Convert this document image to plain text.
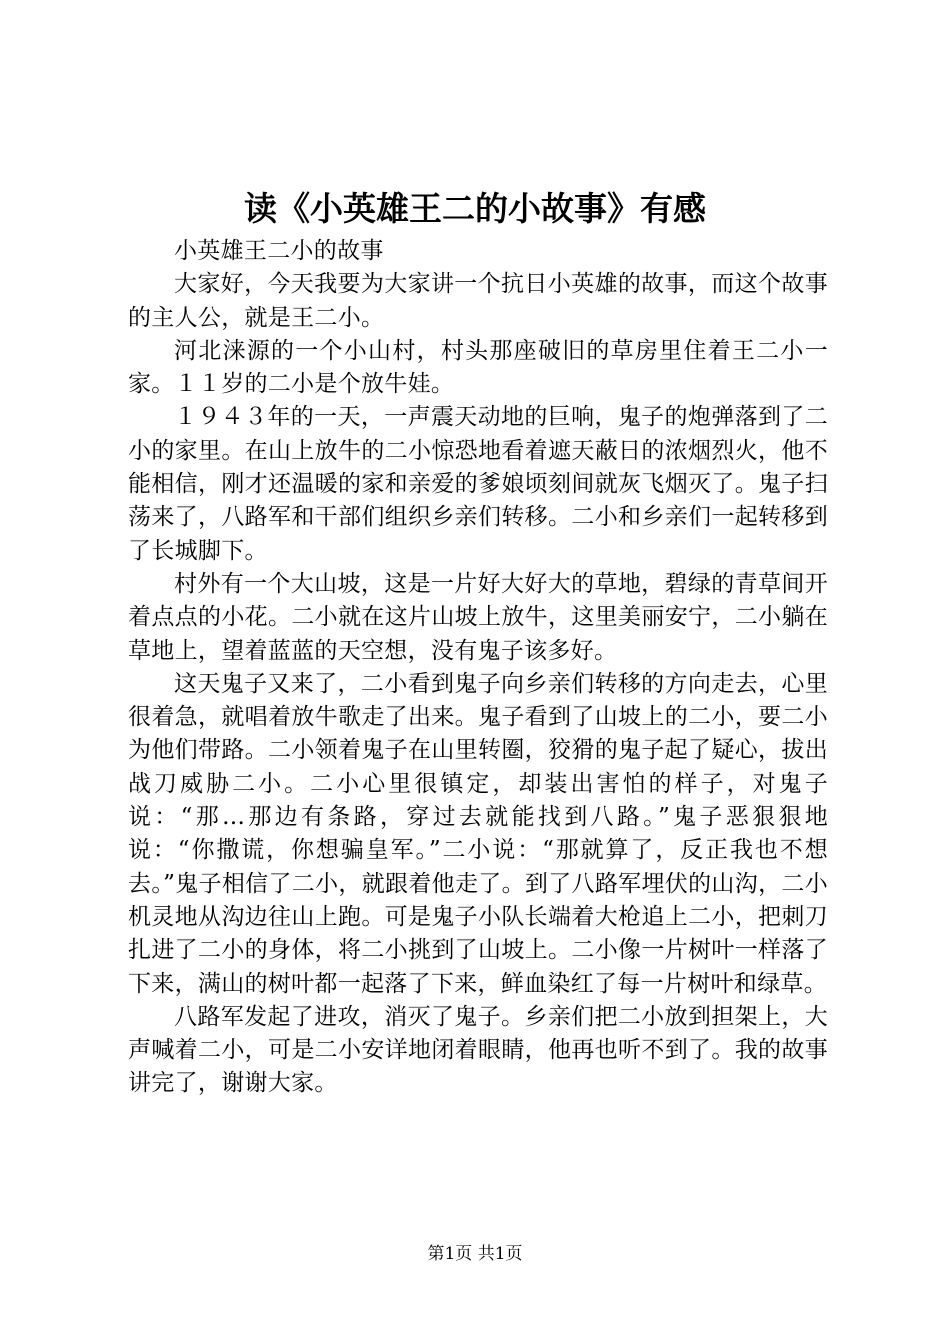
读《小英雄王二的小故事》有感

小英雄王二小的故事

大家好，今天我要为大家讲一个抗日小英雄的故事，而这个故事的主人公，就是王二小。

河北涞源的一个小山村，村头那座破旧的草房里住着王二小一家。１１岁的二小是个放牛娃。

１９４３年的一天，一声震天动地的巨响，鬼子的炮弹落到了二小的家里。在山上放牛的二小惊恐地看着遮天蔽日的浓烟烈火，他不能相信，刚才还温暖的家和亲爱的爹娘顷刻间就灰飞烟灭了。鬼子扫荡来了，八路军和干部们组织乡亲们转移。二小和乡亲们一起转移到了长城脚下。

村外有一个大山坡，这是一片好大好大的草地，碧绿的青草间开着点点的小花。二小就在这片山坡上放牛，这里美丽安宁，二小躺在草地上，望着蓝蓝的天空想，没有鬼子该多好。

这天鬼子又来了，二小看到鬼子向乡亲们转移的方向走去，心里很着急，就唱着放牛歌走了出来。鬼子看到了山坡上的二小，要二小为他们带路。二小领着鬼子在山里转圈，狡猾的鬼子起了疑心，拔出战刀威胁二小。二小心里很镇定，却装出害怕的样子，对鬼子说：“那…那边有条路，穿过去就能找到八路。”鬼子恶狠狠地说：“你撒谎，你想骗皇军。”二小说：“那就算了，反正我也不想去。”鬼子相信了二小，就跟着他走了。到了八路军埋伏的山沟，二小机灵地从沟边往山上跑。可是鬼子小队长端着大枪追上二小，把刺刀扎进了二小的身体，将二小挑到了山坡上。二小像一片树叶一样落了下来，满山的树叶都一起落了下来，鲜血染红了每一片树叶和绿草。

八路军发起了进攻，消灭了鬼子。乡亲们把二小放到担架上，大声喊着二小，可是二小安详地闭着眼睛，他再也听不到了。我的故事讲完了，谢谢大家。

第1页 共1页
